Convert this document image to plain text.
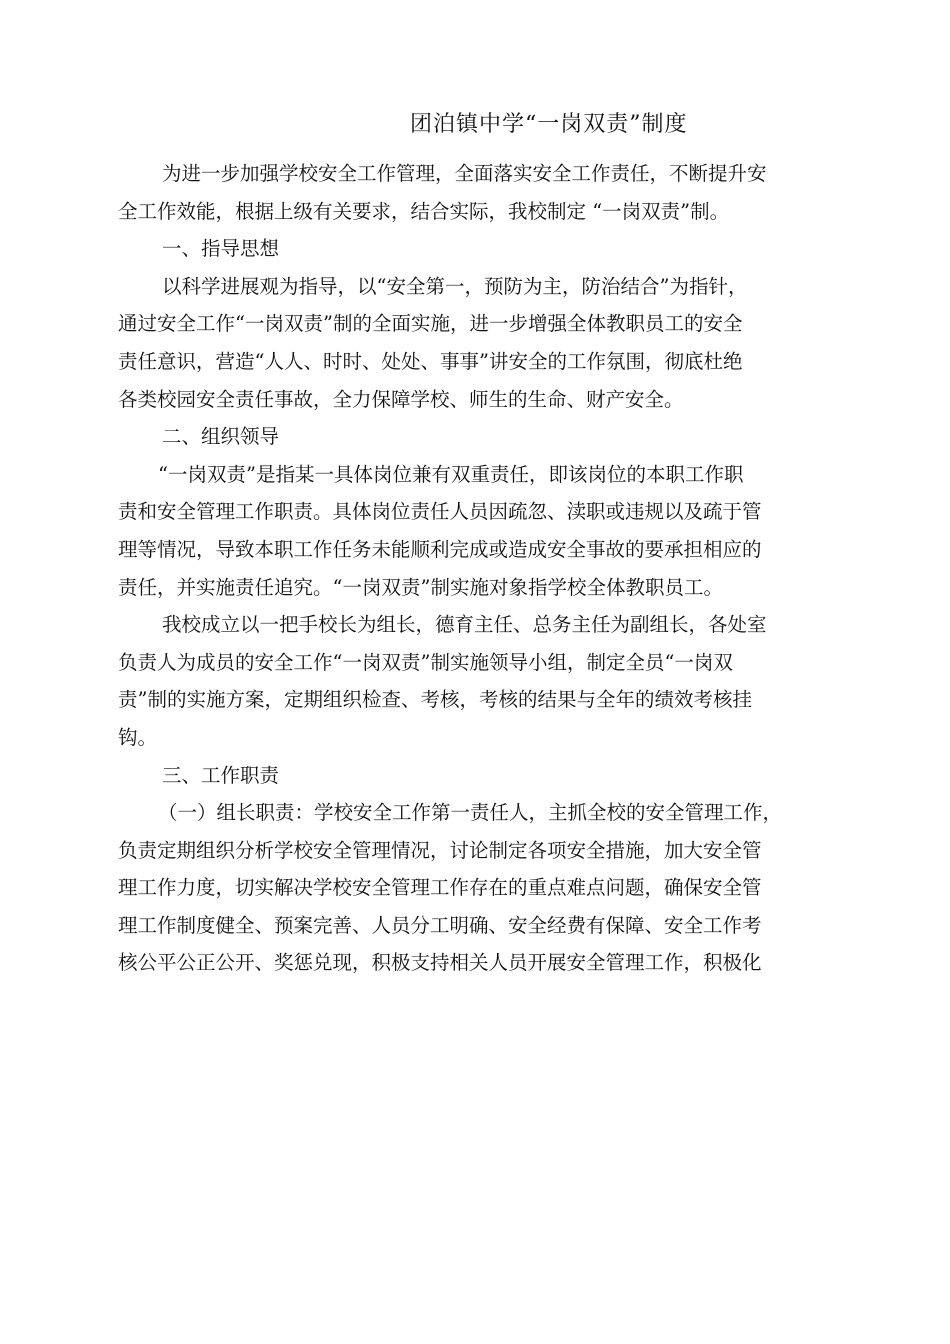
团泊镇中学“一岗双责”制度
为进一步加强学校安全工作管理，全面落实安全工作责任，不断提升安
全工作效能，根据上级有关要求，结合实际，我校制定 “一岗双责”制。
一、指导思想
以科学进展观为指导，以“安全第一，预防为主，防治结合”为指针，
通过安全工作“一岗双责”制的全面实施，进一步增强全体教职员工的安全
责任意识，营造“人人、时时、处处、事事”讲安全的工作氛围，彻底杜绝
各类校园安全责任事故，全力保障学校、师生的生命、财产安全。
二、组织领导
“一岗双责”是指某一具体岗位兼有双重责任，即该岗位的本职工作职
责和安全管理工作职责。具体岗位责任人员因疏忽、渎职或违规以及疏于管
理等情况，导致本职工作任务未能顺利完成或造成安全事故的要承担相应的
责任，并实施责任追究。“一岗双责”制实施对象指学校全体教职员工。
我校成立以一把手校长为组长，德育主任、总务主任为副组长，各处室
负责人为成员的安全工作“一岗双责”制实施领导小组，制定全员“一岗双
责”制的实施方案，定期组织检查、考核，考核的结果与全年的绩效考核挂
钩。
三、工作职责
（一）组长职责：学校安全工作第一责任人，主抓全校的安全管理工作，
负责定期组织分析学校安全管理情况，讨论制定各项安全措施，加大安全管
理工作力度，切实解决学校安全管理工作存在的重点难点问题，确保安全管
理工作制度健全、预案完善、人员分工明确、安全经费有保障、安全工作考
核公平公正公开、奖惩兑现，积极支持相关人员开展安全管理工作，积极化
